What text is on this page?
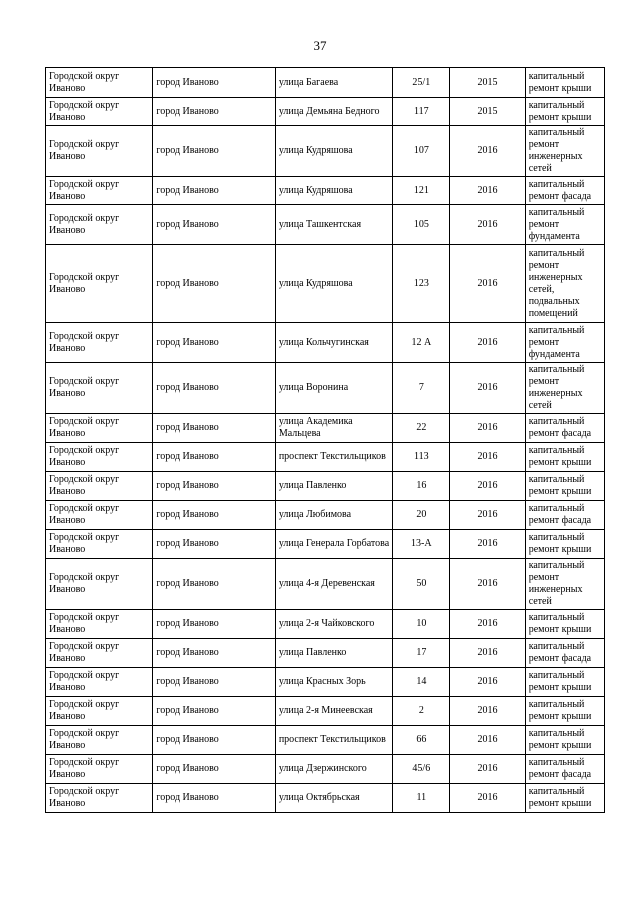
37
Городской округ Иваново	город Иваново	улица Багаева	25/1	2015	капитальный ремонт крыши
Городской округ Иваново	город Иваново	улица Демьяна Бедного	117	2015	капитальный ремонт крыши
Городской округ Иваново	город Иваново	улица Кудряшова	107	2016	капитальный ремонт инженерных сетей
Городской округ Иваново	город Иваново	улица Кудряшова	121	2016	капитальный ремонт фасада
Городской округ Иваново	город Иваново	улица Ташкентская	105	2016	капитальный ремонт фундамента
Городской округ Иваново	город Иваново	улица Кудряшова	123	2016	капитальный ремонт инженерных сетей, подвальных помещений
Городской округ Иваново	город Иваново	улица Кольчугинская	12 А	2016	капитальный ремонт фундамента
Городской округ Иваново	город Иваново	улица Воронина	7	2016	капитальный ремонт инженерных сетей
Городской округ Иваново	город Иваново	улица Академика Мальцева	22	2016	капитальный ремонт фасада
Городской округ Иваново	город Иваново	проспект Текстильщиков	113	2016	капитальный ремонт крыши
Городской округ Иваново	город Иваново	улица Павленко	16	2016	капитальный ремонт крыши
Городской округ Иваново	город Иваново	улица Любимова	20	2016	капитальный ремонт фасада
Городской округ Иваново	город Иваново	улица Генерала Горбатова	13-А	2016	капитальный ремонт крыши
Городской округ Иваново	город Иваново	улица 4-я Деревенская	50	2016	капитальный ремонт инженерных сетей
Городской округ Иваново	город Иваново	улица 2-я Чайковского	10	2016	капитальный ремонт крыши
Городской округ Иваново	город Иваново	улица Павленко	17	2016	капитальный ремонт фасада
Городской округ Иваново	город Иваново	улица Красных Зорь	14	2016	капитальный ремонт крыши
Городской округ Иваново	город Иваново	улица 2-я Минеевская	2	2016	капитальный ремонт крыши
Городской округ Иваново	город Иваново	проспект Текстильщиков	66	2016	капитальный ремонт крыши
Городской округ Иваново	город Иваново	улица Дзержинского	45/6	2016	капитальный ремонт фасада
Городской округ Иваново	город Иваново	улица Октябрьская	11	2016	капитальный ремонт крыши
